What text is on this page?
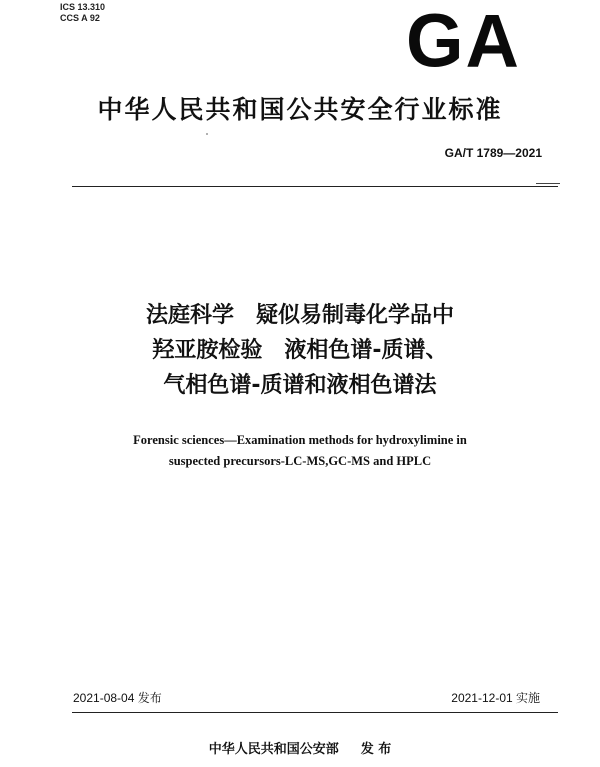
ICS 13.310
CCS A 92	GA
中华人民共和国公共安全行业标准
GA/T 1789—2021
法庭科学　疑似易制毒化学品中
羟亚胺检验　液相色谱-质谱、
气相色谱-质谱和液相色谱法
Forensic sciences—Examination methods for hydroxylimine in
suspected precursors-LC-MS,GC-MS and HPLC
2021-08-04 发布	2021-12-01 实施
中华人民共和国公安部 发 布
